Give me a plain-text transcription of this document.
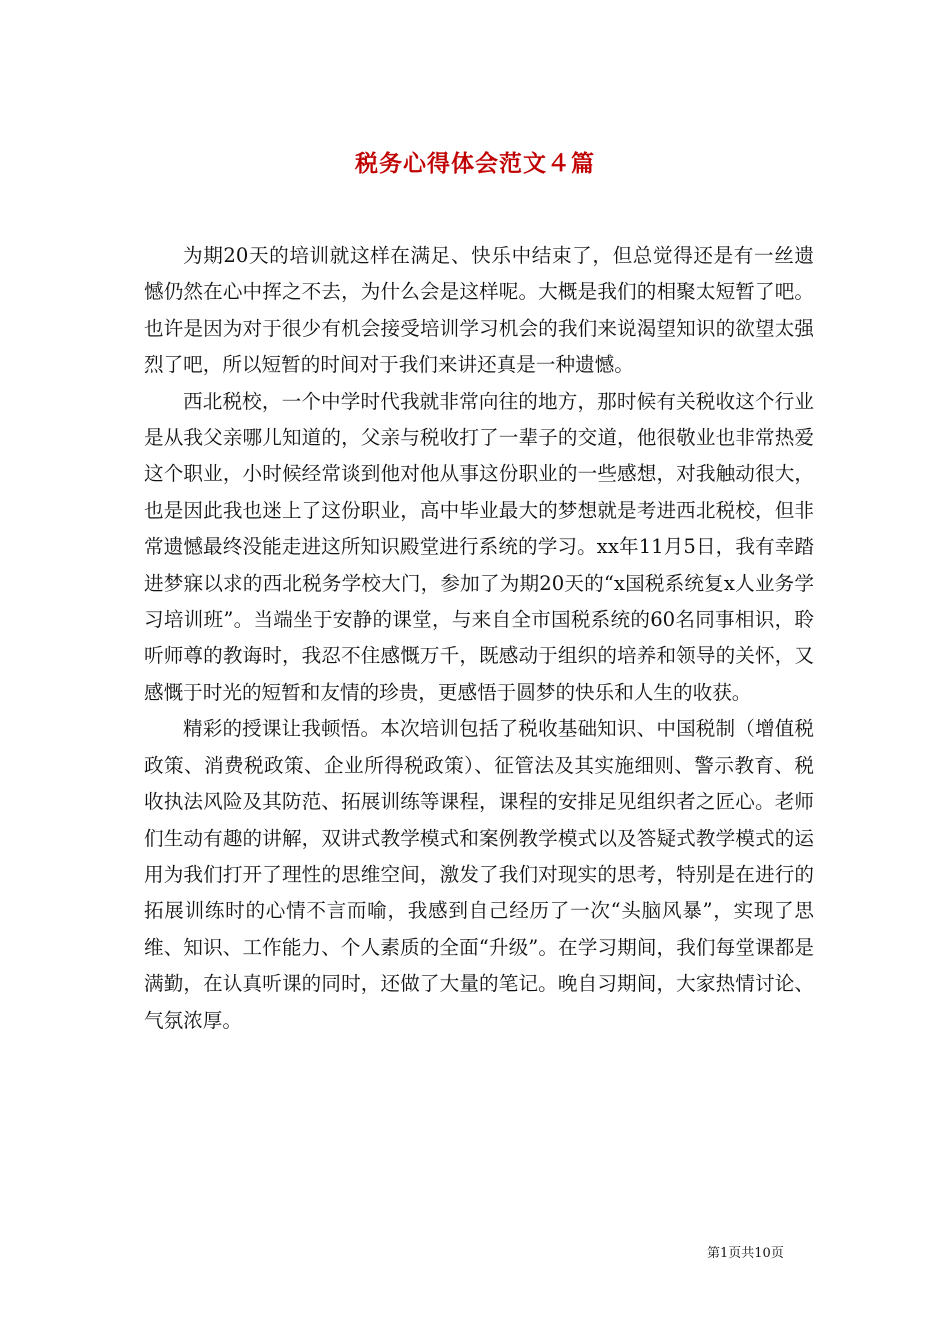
税务心得体会范文４篇

为期20天的培训就这样在满足、快乐中结束了，但总觉得还是有一丝遗憾仍然在心中挥之不去，为什么会是这样呢。大概是我们的相聚太短暂了吧。也许是因为对于很少有机会接受培训学习机会的我们来说渴望知识的欲望太强烈了吧，所以短暂的时间对于我们来讲还真是一种遗憾。

西北税校，一个中学时代我就非常向往的地方，那时候有关税收这个行业是从我父亲哪儿知道的，父亲与税收打了一辈子的交道，他很敬业也非常热爱这个职业，小时候经常谈到他对他从事这份职业的一些感想，对我触动很大，也是因此我也迷上了这份职业，高中毕业最大的梦想就是考进西北税校，但非常遗憾最终没能走进这所知识殿堂进行系统的学习。xx年11月5日，我有幸踏进梦寐以求的西北税务学校大门，参加了为期20天的“x国税系统复x人业务学习培训班”。当端坐于安静的课堂，与来自全市国税系统的60名同事相识，聆听师尊的教诲时，我忍不住感慨万千，既感动于组织的培养和领导的关怀，又感慨于时光的短暂和友情的珍贵，更感悟于圆梦的快乐和人生的收获。

精彩的授课让我顿悟。本次培训包括了税收基础知识、中国税制（增值税政策、消费税政策、企业所得税政策）、征管法及其实施细则、警示教育、税收执法风险及其防范、拓展训练等课程，课程的安排足见组织者之匠心。老师们生动有趣的讲解，双讲式教学模式和案例教学模式以及答疑式教学模式的运用为我们打开了理性的思维空间，激发了我们对现实的思考，特别是在进行的拓展训练时的心情不言而喻，我感到自己经历了一次“头脑风暴”，实现了思维、知识、工作能力、个人素质的全面“升级”。在学习期间，我们每堂课都是满勤，在认真听课的同时，还做了大量的笔记。晚自习期间，大家热情讨论、气氛浓厚。

第1页共10页
